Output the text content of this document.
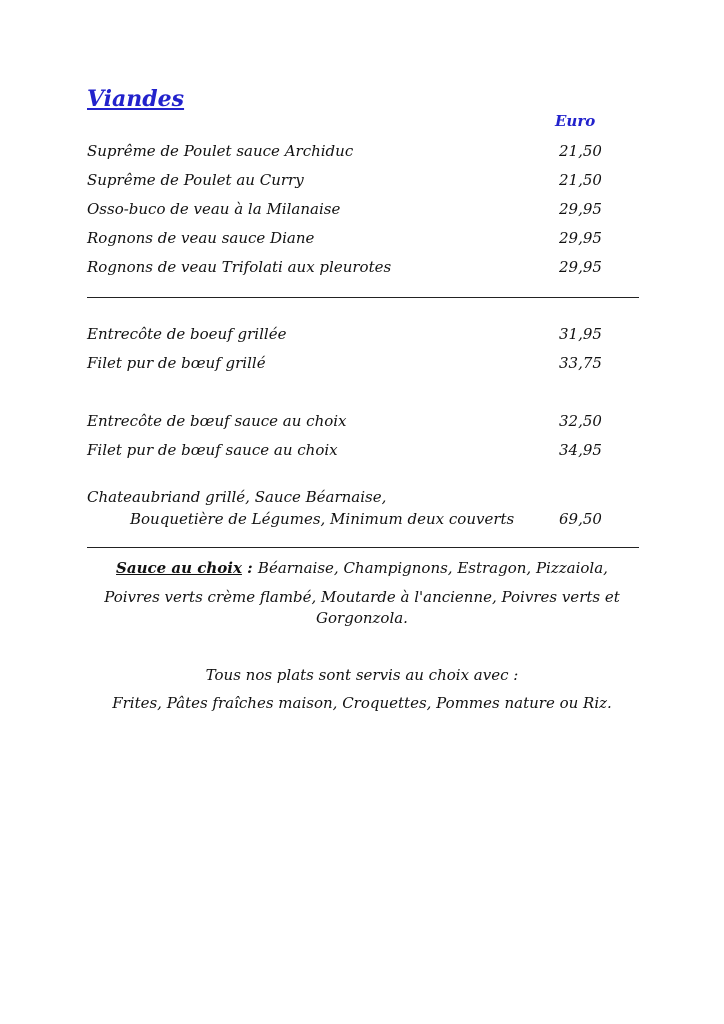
Viandes
Euro
Suprême de Poulet sauce Archiduc	21,50
Suprême de Poulet au Curry	21,50
Osso-buco de veau à la Milanaise	29,95
Rognons de veau sauce Diane	29,95
Rognons de veau Trifolati aux pleurotes	29,95
Entrecôte de boeuf grillée	31,95
Filet pur de bœuf grillé	33,75
Entrecôte de bœuf sauce au choix	32,50
Filet pur de bœuf sauce au choix	34,95
Chateaubriand grillé, Sauce Béarnaise,
Bouquetière de Légumes, Minimum deux couverts	69,50
Sauce au choix : Béarnaise, Champignons, Estragon, Pizzaiola,
Poivres verts crème flambé, Moutarde à l'ancienne, Poivres verts et
Gorgonzola.
Tous nos plats sont servis au choix avec :
Frites, Pâtes fraîches maison, Croquettes, Pommes nature ou Riz.
